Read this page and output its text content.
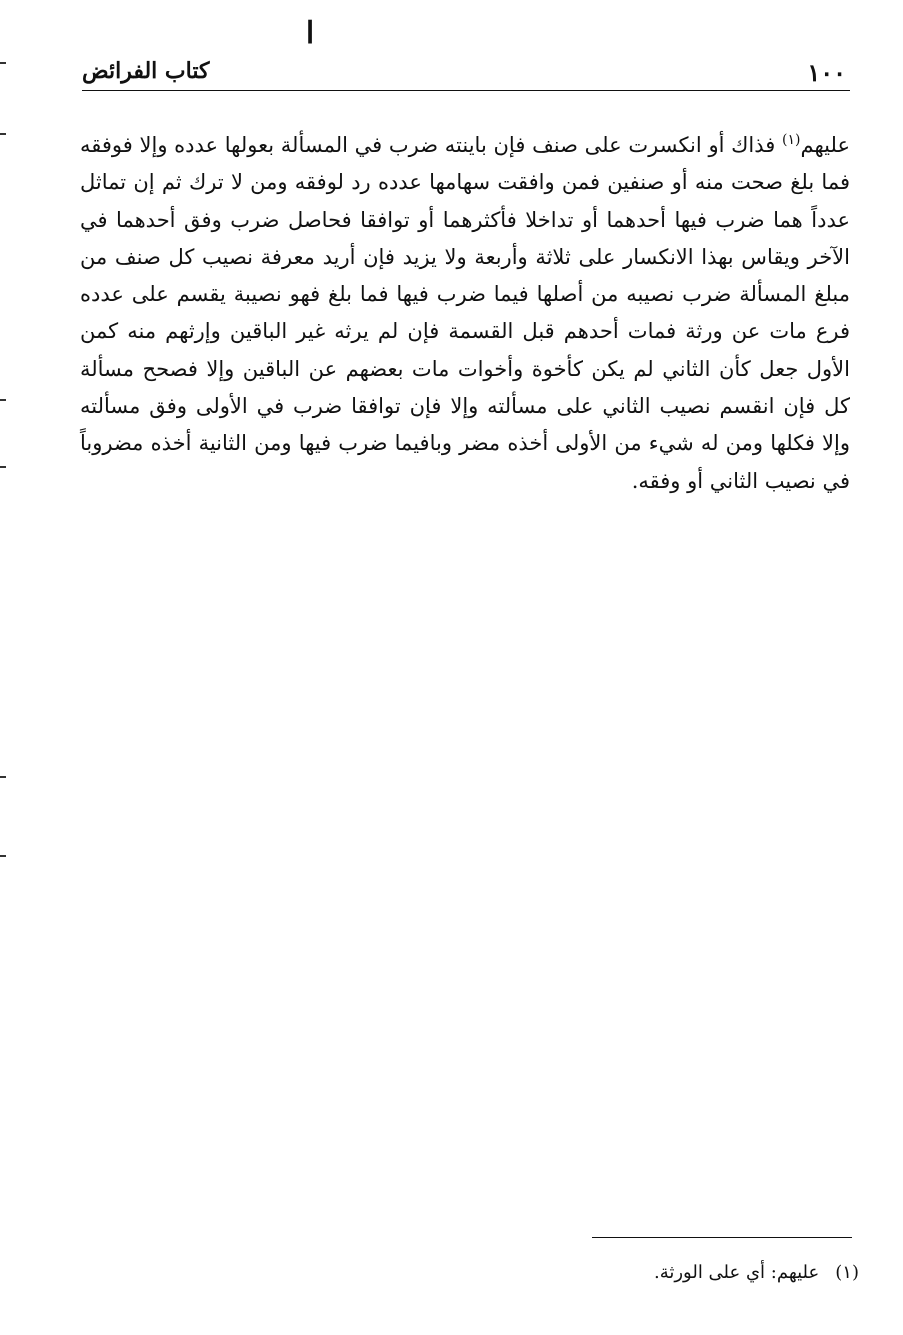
ا
١٠٠
كتاب الفرائض
عليهم$^{(١)}$ فذاك أو انكسرت على صنف فإن باينته ضرب في المسألة بعولها عدده وإلا فوفقه فما بلغ صحت منه أو صنفين فمن وافقت سهامها عدده رد لوفقه ومن لا ترك ثم إن تماثل عدداً هما ضرب فيها أحدهما أو تداخلا فأكثرهما أو توافقا فحاصل ضرب وفق أحدهما في الآخر ويقاس بهذا الانكسار على ثلاثة وأربعة ولا يزيد فإن أريد معرفة نصيب كل صنف من مبلغ المسألة ضرب نصيبه من أصلها فيما ضرب فيها فما بلغ فهو نصيبة يقسم على عدده فرع مات عن ورثة فمات أحدهم قبل القسمة فإن لم يرثه غير الباقين وإرثهم منه كمن الأول جعل كأن الثاني لم يكن كأخوة وأخوات مات بعضهم عن الباقين وإلا فصحح مسألة كل فإن انقسم نصيب الثاني على مسألته وإلا فإن توافقا ضرب في الأولى وفق مسألته وإلا فكلها ومن له شيء من الأولى أخذه مضر وبافيما ضرب فيها ومن الثانية أخذه مضروباً في نصيب الثاني أو وفقه.
(١)عليهم: أي على الورثة.
